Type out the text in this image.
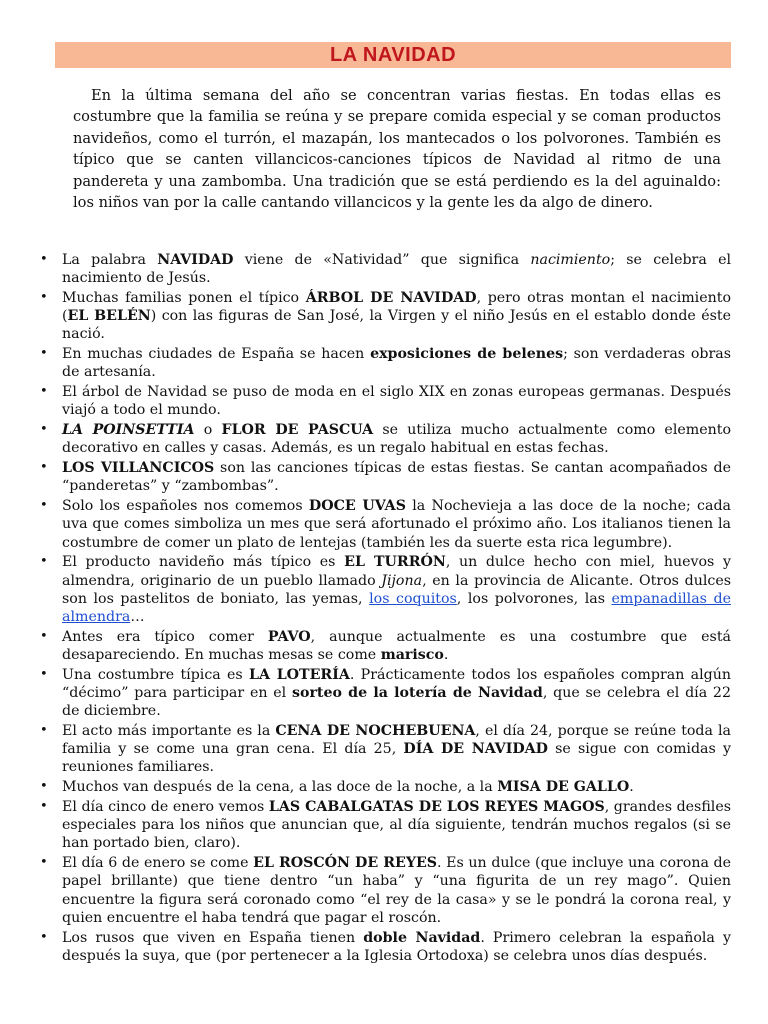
LA NAVIDAD

En la última semana del año se concentran varias fiestas. En todas ellas es costumbre que la familia se reúna y se prepare comida especial y se coman productos navideños, como el turrón, el mazapán, los mantecados o los polvorones. También es típico que se canten villancicos-canciones típicos de Navidad al ritmo de una pandereta y una zambomba. Una tradición que se está perdiendo es la del aguinaldo: los niños van por la calle cantando villancicos y la gente les da algo de dinero.

• La palabra NAVIDAD viene de «Natividad” que significa nacimiento; se celebra el nacimiento de Jesús.
• Muchas familias ponen el típico ÁRBOL DE NAVIDAD, pero otras montan el nacimiento (EL BELÉN) con las figuras de San José, la Virgen y el niño Jesús en el establo donde éste nació.
• En muchas ciudades de España se hacen exposiciones de belenes; son verdaderas obras de artesanía.
• El árbol de Navidad se puso de moda en el siglo XIX en zonas europeas germanas. Después viajó a todo el mundo.
• LA POINSETTIA o FLOR DE PASCUA se utiliza mucho actualmente como elemento decorativo en calles y casas. Además, es un regalo habitual en estas fechas.
• LOS VILLANCICOS son las canciones típicas de estas fiestas. Se cantan acompañados de “panderetas” y “zambombas”.
• Solo los españoles nos comemos DOCE UVAS la Nochevieja a las doce de la noche; cada uva que comes simboliza un mes que será afortunado el próximo año. Los italianos tienen la costumbre de comer un plato de lentejas (también les da suerte esta rica legumbre).
• El producto navideño más típico es EL TURRÓN, un dulce hecho con miel, huevos y almendra, originario de un pueblo llamado Jijona, en la provincia de Alicante. Otros dulces son los pastelitos de boniato, las yemas, los coquitos, los polvorones, las empanadillas de almendra…
• Antes era típico comer PAVO, aunque actualmente es una costumbre que está desapareciendo. En muchas mesas se come marisco.
• Una costumbre típica es LA LOTERÍA. Prácticamente todos los españoles compran algún “décimo” para participar en el sorteo de la lotería de Navidad, que se celebra el día 22 de diciembre.
• El acto más importante es la CENA DE NOCHEBUENA, el día 24, porque se reúne toda la familia y se come una gran cena. El día 25, DÍA DE NAVIDAD se sigue con comidas y reuniones familiares.
• Muchos van después de la cena, a las doce de la noche, a la MISA DE GALLO.
• El día cinco de enero vemos LAS CABALGATAS DE LOS REYES MAGOS, grandes desfiles especiales para los niños que anuncian que, al día siguiente, tendrán muchos regalos (si se han portado bien, claro).
• El día 6 de enero se come EL ROSCÓN DE REYES. Es un dulce (que incluye una corona de papel brillante) que tiene dentro “un haba” y “una figurita de un rey mago”. Quien encuentre la figura será coronado como “el rey de la casa» y se le pondrá la corona real, y quien encuentre el haba tendrá que pagar el roscón.
• Los rusos que viven en España tienen doble Navidad. Primero celebran la española y después la suya, que (por pertenecer a la Iglesia Ortodoxa) se celebra unos días después.
